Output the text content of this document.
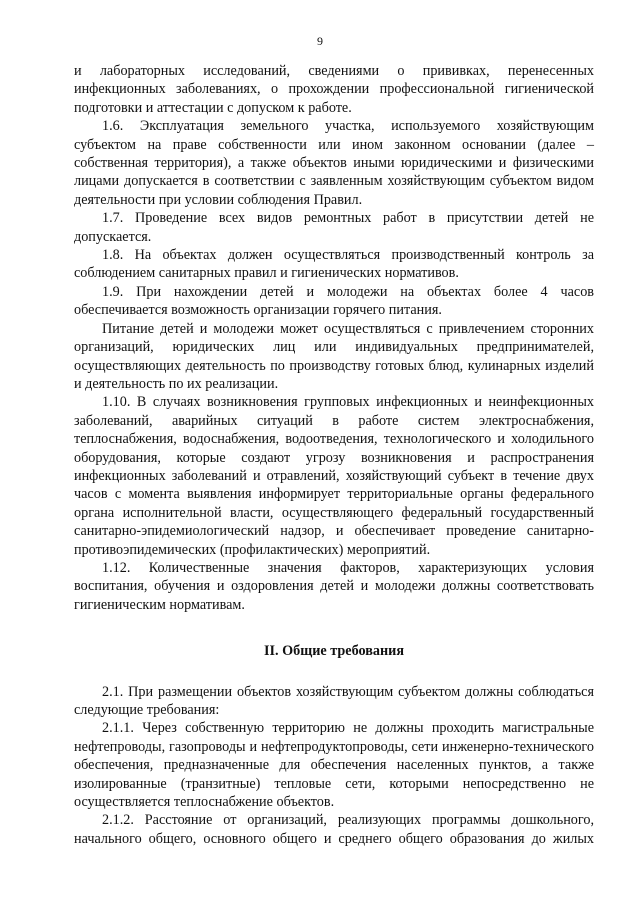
9

и лабораторных исследований, сведениями о прививках, перенесенных инфекционных заболеваниях, о прохождении профессиональной гигиенической подготовки и аттестации с допуском к работе.

1.6. Эксплуатация земельного участка, используемого хозяйствующим субъектом на праве собственности или ином законном основании (далее – собственная территория), а также объектов иными юридическими и физическими лицами допускается в соответствии с заявленным хозяйствующим субъектом видом деятельности при условии соблюдения Правил.

1.7. Проведение всех видов ремонтных работ в присутствии детей не допускается.

1.8. На объектах должен осуществляться производственный контроль за соблюдением санитарных правил и гигиенических нормативов.

1.9. При нахождении детей и молодежи на объектах более 4 часов обеспечивается возможность организации горячего питания.

Питание детей и молодежи может осуществляться с привлечением сторонних организаций, юридических лиц или индивидуальных предпринимателей, осуществляющих деятельность по производству готовых блюд, кулинарных изделий и деятельность по их реализации.

1.10. В случаях возникновения групповых инфекционных и неинфекционных заболеваний, аварийных ситуаций в работе систем электроснабжения, теплоснабжения, водоснабжения, водоотведения, технологического и холодильного оборудования, которые создают угрозу возникновения и распространения инфекционных заболеваний и отравлений, хозяйствующий субъект в течение двух часов с момента выявления информирует территориальные органы федерального органа исполнительной власти, осуществляющего федеральный государственный санитарно-эпидемиологический надзор, и обеспечивает проведение санитарно-противоэпидемических (профилактических) мероприятий.

1.12. Количественные значения факторов, характеризующих условия воспитания, обучения и оздоровления детей и молодежи должны соответствовать гигиеническим нормативам.

II. Общие требования

2.1. При размещении объектов хозяйствующим субъектом должны соблюдаться следующие требования:

2.1.1. Через собственную территорию не должны проходить магистральные нефтепроводы, газопроводы и нефтепродуктопроводы, сети инженерно-технического обеспечения, предназначенные для обеспечения населенных пунктов, а также изолированные (транзитные) тепловые сети, которыми непосредственно не осуществляется теплоснабжение объектов.

2.1.2. Расстояние от организаций, реализующих программы дошкольного, начального общего, основного общего и среднего общего образования до жилых
